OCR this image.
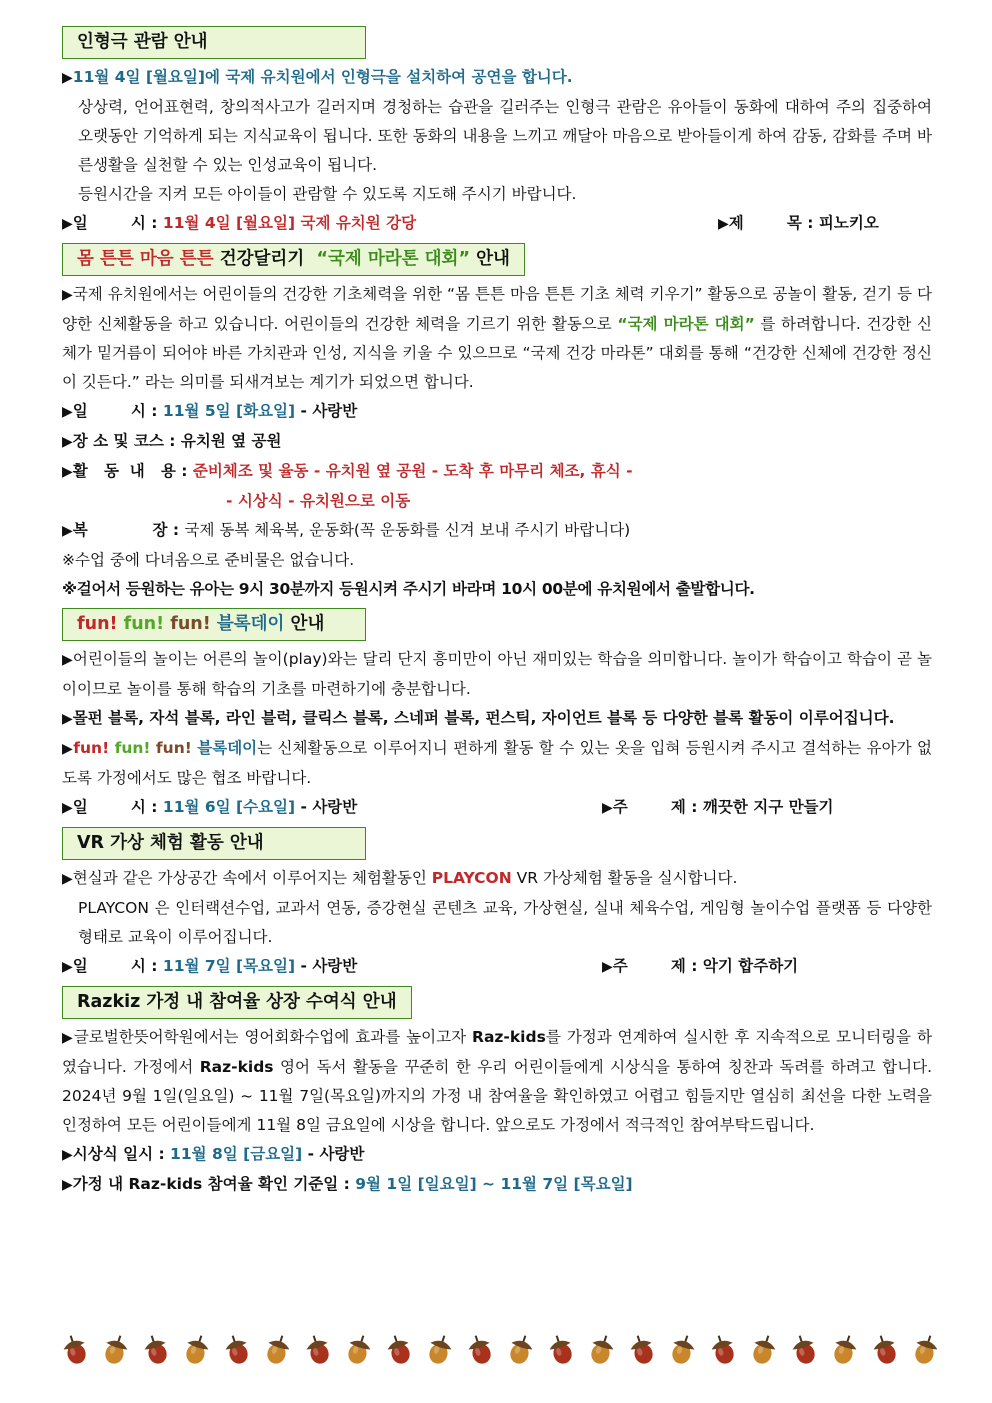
인형극 관람 안내
▶11월 4일 [월요일]에 국제 유치원에서 인형극을 설치하여 공연을 합니다.
상상력, 언어표현력, 창의적사고가 길러지며 경청하는 습관을 길러주는 인형극 관람은 유아들이 동화에 대하여 주의 집중하여 오랫동안 기억하게 되는 지식교육이 됩니다. 또한 동화의 내용을 느끼고 깨달아 마음으로 받아들이게 하여 감동, 감화를 주며 바른생활을 실천할 수 있는 인성교육이 됩니다.
등원시간을 지켜 모든 아이들이 관람할 수 있도록 지도해 주시기 바랍니다.
▶일        시 : 11월 4일 [월요일] 국제 유치원 강당	▶제        목 : 피노키오
몸 튼튼 마음 튼튼 건강달리기 “국제 마라톤 대회” 안내
▶국제 유치원에서는 어린이들의 건강한 기초체력을 위한 “몸 튼튼 마음 튼튼 기초 체력 키우기” 활동으로 공놀이 활동, 걷기 등 다양한 신체활동을 하고 있습니다. 어린이들의 건강한 체력을 기르기 위한 활동으로 “국제 마라톤 대회” 를 하려합니다. 건강한 신체가 밑거름이 되어야 바른 가치관과 인성, 지식을 키울 수 있으므로 “국제 건강 마라톤” 대회를 통해 “건강한 신체에 건강한 정신이 깃든다.” 라는 의미를 되새겨보는 계기가 되었으면 합니다.
▶일        시 : 11월 5일 [화요일] - 사랑반
▶장 소 및 코스 : 유치원 옆 공원
▶활   동  내   용 : 준비체조 및 율동 - 유치원 옆 공원 - 도착 후 마무리 체조, 휴식 -
- 시상식 - 유치원으로 이동
▶복            장 : 국제 동복 체육복, 운동화(꼭 운동화를 신겨 보내 주시기 바랍니다)
※수업 중에 다녀옴으로 준비물은 없습니다.
※걸어서 등원하는 유아는 9시 30분까지 등원시켜 주시기 바라며 10시 00분에 유치원에서 출발합니다.
fun! fun! fun! 블록데이 안내
▶어린이들의 놀이는 어른의 놀이(play)와는 달리 단지 흥미만이 아닌 재미있는 학습을 의미합니다. 놀이가 학습이고 학습이 곧 놀이이므로 놀이를 통해 학습의 기초를 마련하기에 충분합니다.
▶몰펀 블록, 자석 블록, 라인 블럭, 클릭스 블록, 스네퍼 블록, 펀스틱, 자이언트 블록 등 다양한 블록 활동이 이루어집니다.
▶fun! fun! fun! 블록데이는 신체활동으로 이루어지니 편하게 활동 할 수 있는 옷을 입혀 등원시켜 주시고 결석하는 유아가 없도록 가정에서도 많은 협조 바랍니다.
▶일        시 : 11월 6일 [수요일] - 사랑반	▶주        제 : 깨끗한 지구 만들기
VR 가상 체험 활동 안내
▶현실과 같은 가상공간 속에서 이루어지는 체험활동인 PLAYCON VR 가상체험 활동을 실시합니다.
PLAYCON 은 인터랙션수업, 교과서 연동, 증강현실 콘텐츠 교육, 가상현실, 실내 체육수업, 게임형 놀이수업 플랫폼 등 다양한 형태로 교육이 이루어집니다.
▶일        시 : 11월 7일 [목요일] - 사랑반	▶주        제 : 악기 합주하기
Razkiz 가정 내 참여율 상장 수여식 안내
▶글로벌한뜻어학원에서는 영어회화수업에 효과를 높이고자 Raz-kids를 가정과 연계하여 실시한 후 지속적으로 모니터링을 하였습니다. 가정에서 Raz-kids 영어 독서 활동을 꾸준히 한 우리 어린이들에게 시상식을 통하여 칭찬과 독려를 하려고 합니다. 2024년 9월 1일(일요일) ~ 11월 7일(목요일)까지의 가정 내 참여율을 확인하였고 어렵고 힘들지만 열심히 최선을 다한 노력을 인정하여 모든 어린이들에게 11월 8일 금요일에 시상을 합니다. 앞으로도 가정에서 적극적인 참여부탁드립니다.
▶시상식 일시 : 11월 8일 [금요일] - 사랑반
▶가정 내 Raz-kids 참여율 확인 기준일 : 9월 1일 [일요일] ~ 11월 7일 [목요일]
